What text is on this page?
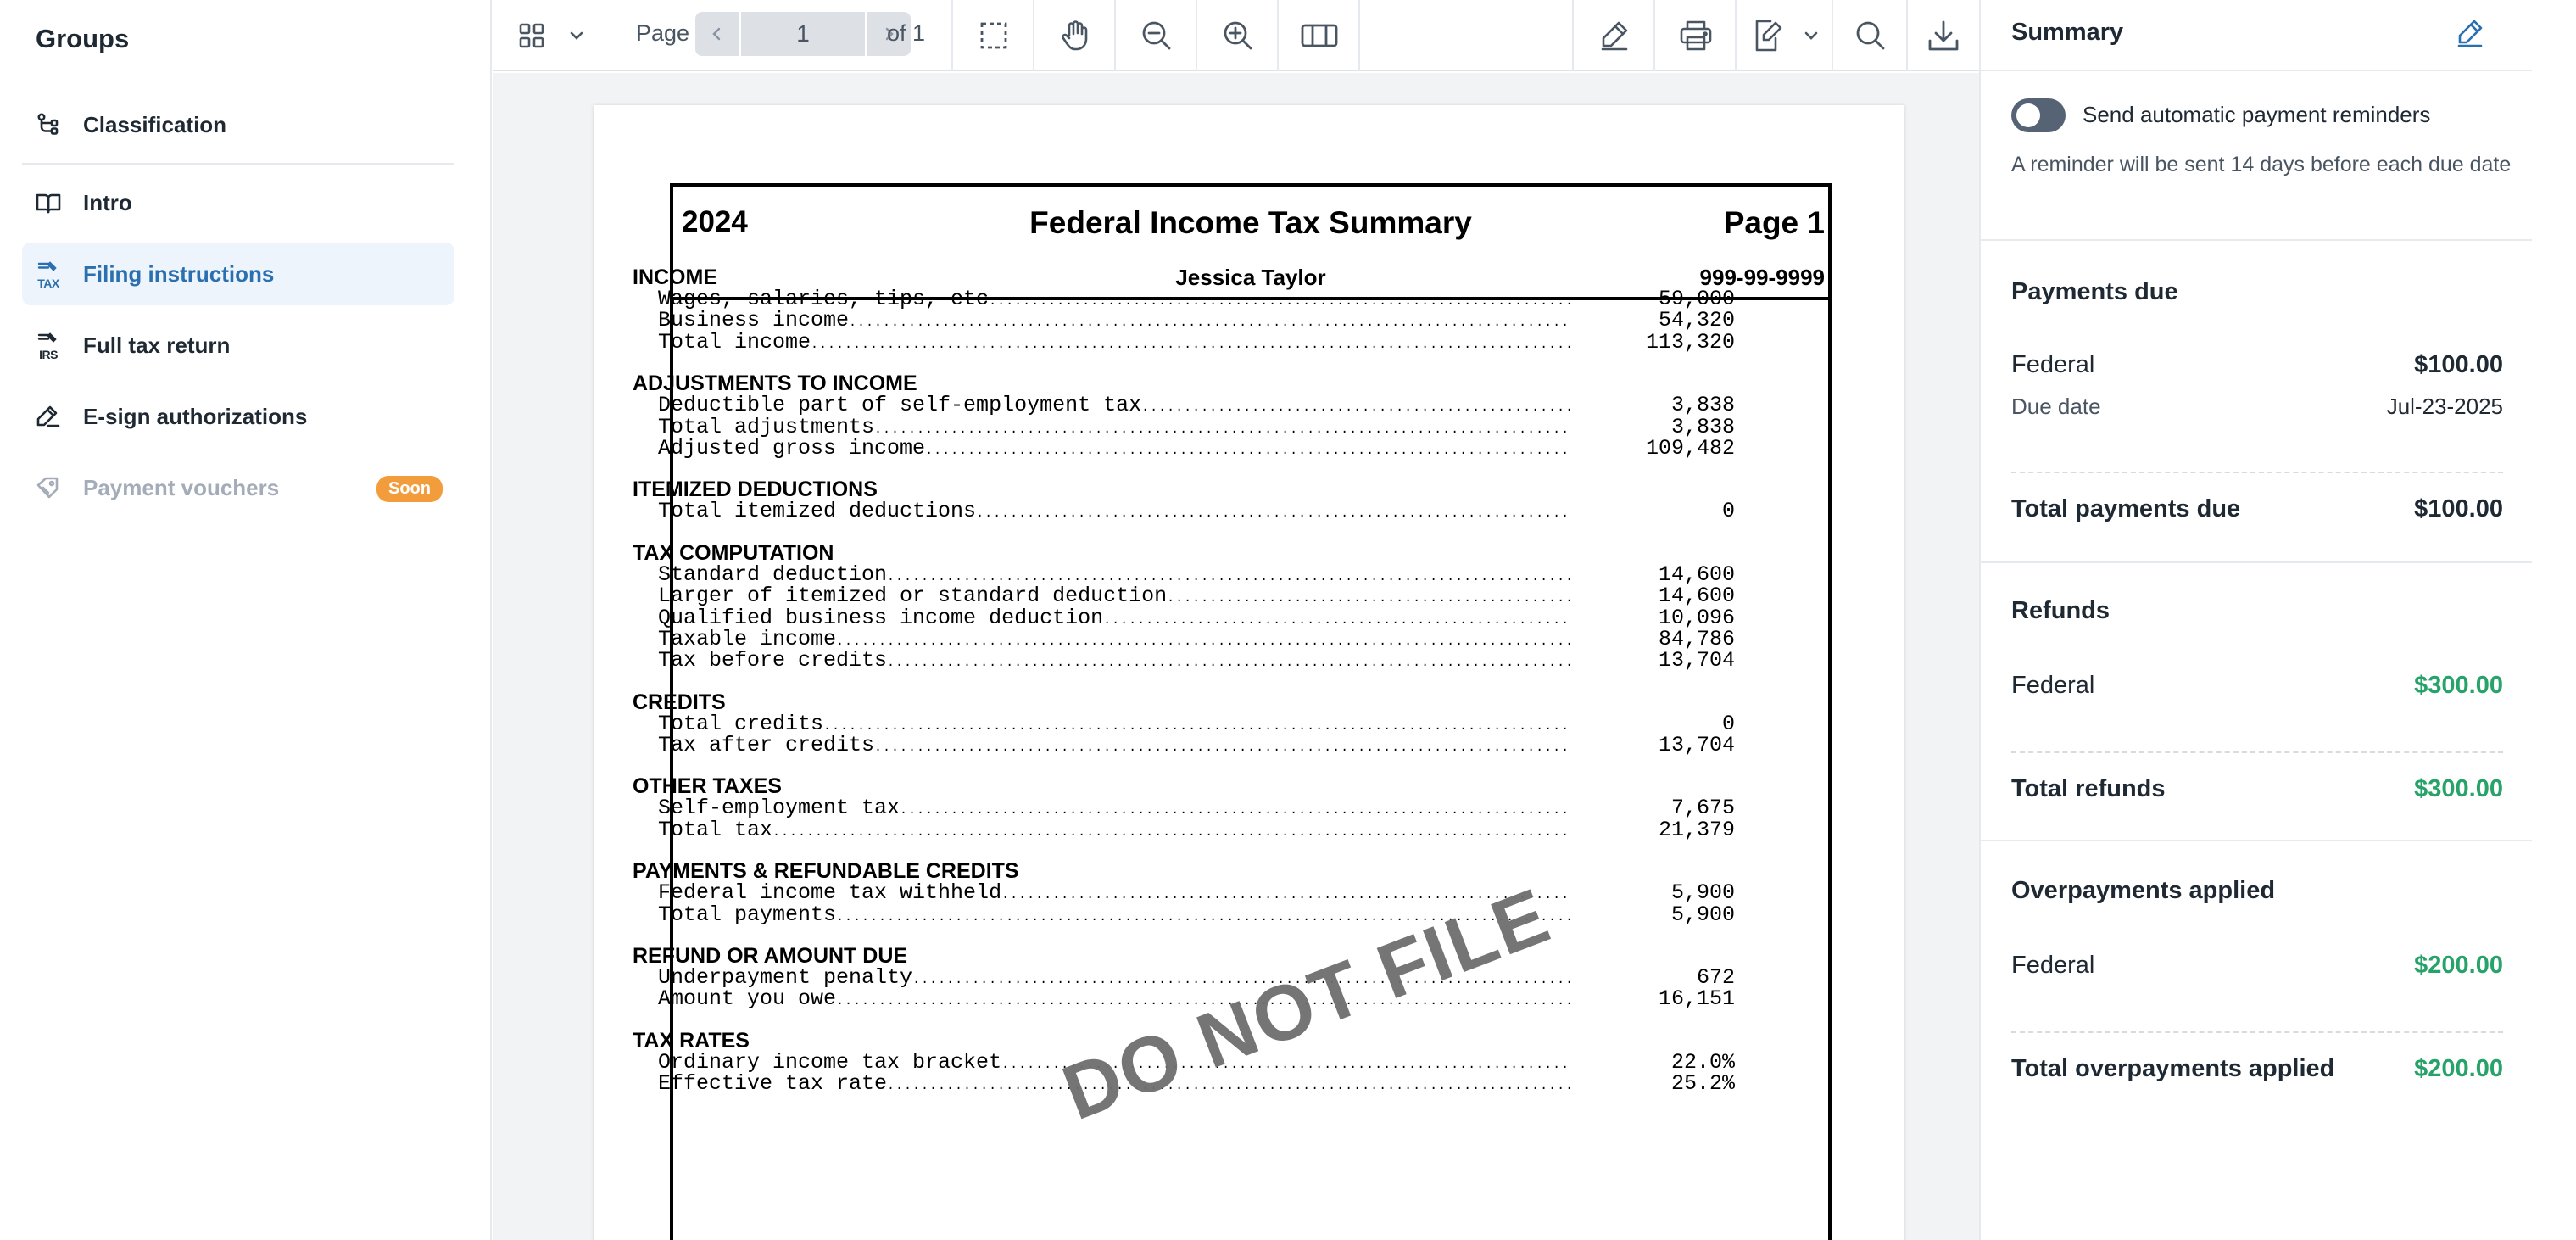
Groups
Classification
Intro
TAX Filing instructions
IRS Full tax return
E-sign authorizations
Payment vouchers	Soon
Page
1	of 1
2024	Federal Income Tax Summary	Page 1
Jessica Taylor	999-99-9999
INCOME
Wages, salaries, tips, etc .....	59,000
Business income .....	54,320
Total income .....	113,320
ADJUSTMENTS TO INCOME
Deductible part of self-employment tax .....	3,838
Total adjustments .....	3,838
Adjusted gross income .....	109,482
ITEMIZED DEDUCTIONS
Total itemized deductions .....	0
TAX COMPUTATION
Standard deduction .....	14,600
Larger of itemized or standard deduction .....	14,600
Qualified business income deduction .....	10,096
Taxable income .....	84,786
Tax before credits .....	13,704
CREDITS
Total credits .....	0
Tax after credits .....	13,704
OTHER TAXES
Self-employment tax .....	7,675
Total tax .....	21,379
PAYMENTS & REFUNDABLE CREDITS
Federal income tax withheld .....	5,900
Total payments .....	5,900
REFUND OR AMOUNT DUE
Underpayment penalty .....	672
Amount you owe .....	16,151
TAX RATES
Ordinary income tax bracket .....	22.0%
Effective tax rate .....	25.2%
DO NOT FILE
Summary
Send automatic payment reminders
A reminder will be sent 14 days before each due date
Payments due
Federal	$100.00
Due date	Jul-23-2025
Total payments due	$100.00
Refunds
Federal	$300.00
Total refunds	$300.00
Overpayments applied
Federal	$200.00
Total overpayments applied	$200.00
